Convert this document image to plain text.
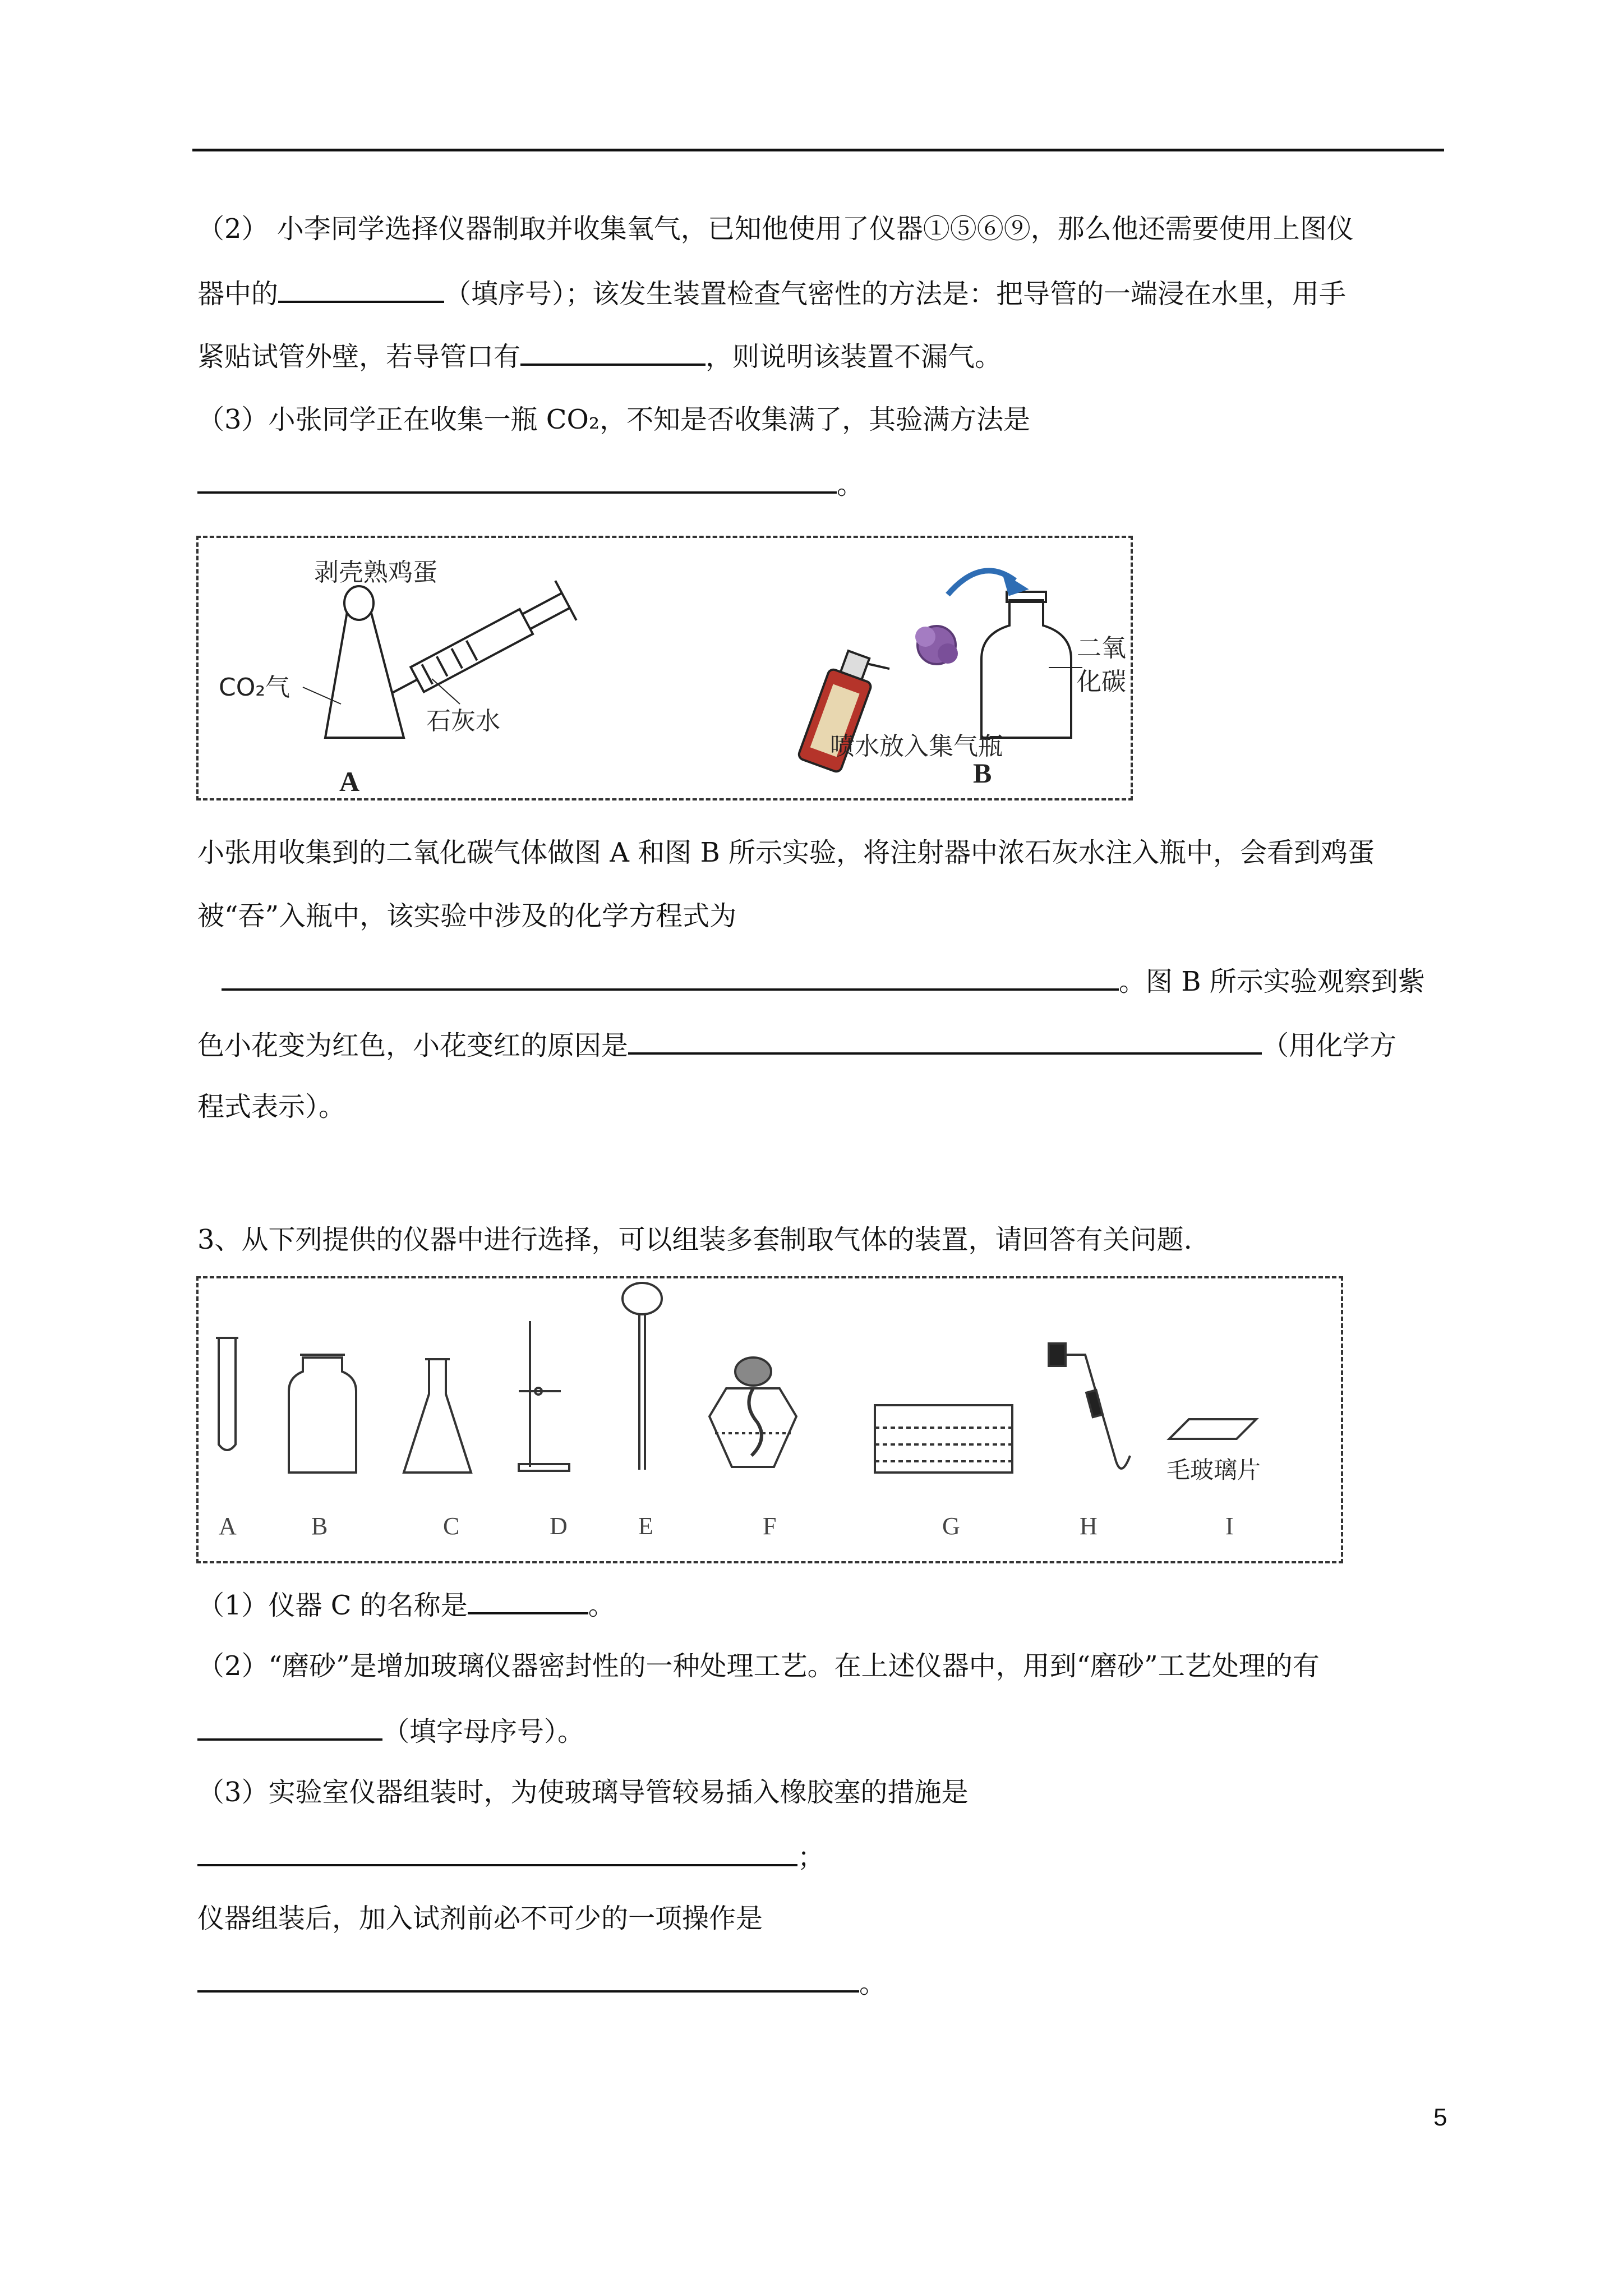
（2） 小李同学选择仪器制取并收集氧气，已知他使用了仪器①⑤⑥⑨，那么他还需要使用上图仪
器中的	（填序号）；该发生装置检查气密性的方法是：把导管的一端浸在水里，用手
紧贴试管外壁，若导管口有	，则说明该装置不漏气。
（3）小张同学正在收集一瓶 CO₂，不知是否收集满了，其验满方法是
。
剥壳熟鸡蛋
CO₂气
石灰水
A
二氧
化碳
喷水放入集气瓶
B
小张用收集到的二氧化碳气体做图 A 和图 B 所示实验，将注射器中浓石灰水注入瓶中，会看到鸡蛋
被“吞”入瓶中，该实验中涉及的化学方程式为
。图 B 所示实验观察到紫
色小花变为红色，小花变红的原因是	（用化学方
程式表示）。
3、从下列提供的仪器中进行选择，可以组装多套制取气体的装置，请回答有关问题.
毛玻璃片
A	B	C	D	E	F	G	H	I
（1）仪器 C 的名称是	。
（2）“磨砂”是增加玻璃仪器密封性的一种处理工艺。在上述仪器中，用到“磨砂”工艺处理的有
（填字母序号）。
（3）实验室仪器组装时，为使玻璃导管较易插入橡胶塞的措施是
；
仪器组装后，加入试剂前必不可少的一项操作是
。
5
